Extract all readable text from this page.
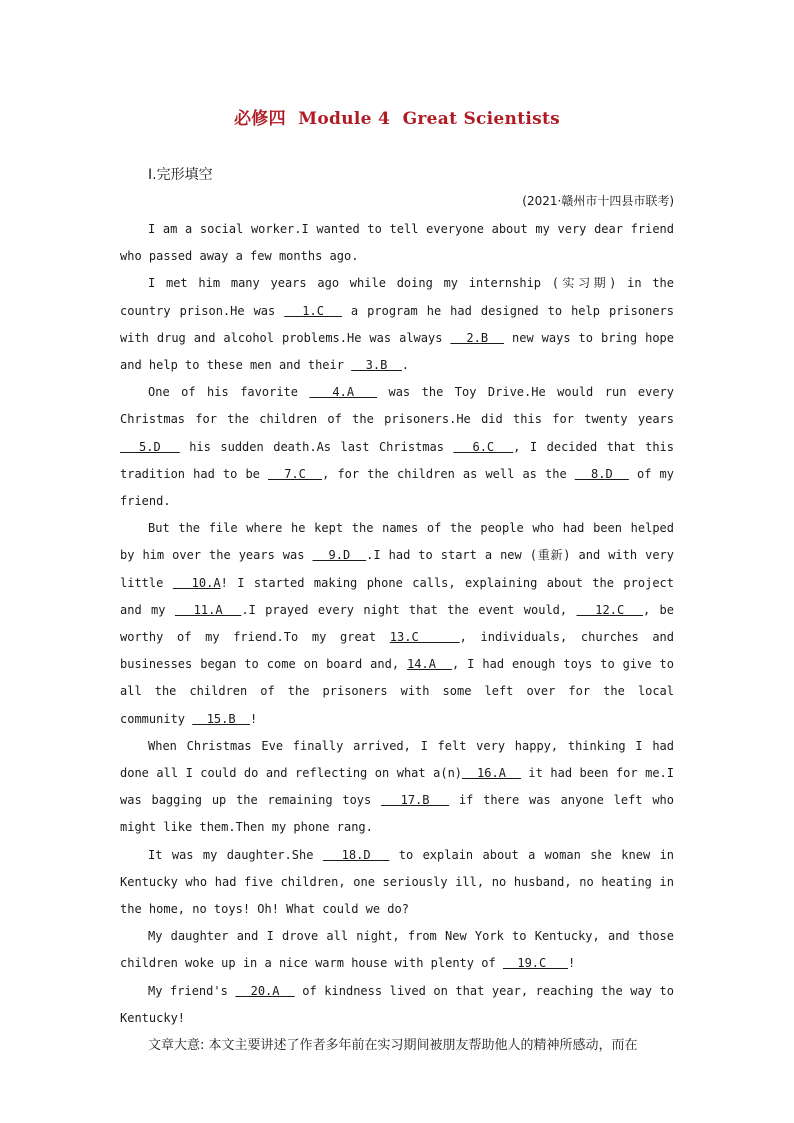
必修四  Module 4  Great Scientists
Ⅰ.完形填空
(2021·赣州市十四县市联考)

I am a social worker.I wanted to tell everyone about my very dear friend who passed away a few months ago.

I met him many years ago while doing my internship (实习期) in the country prison.He was   1.C   a program he had designed to help prisoners with drug and alcohol problems.He was always   2.B   new ways to bring hope and help to these men and their   3.B  .

One of his favorite   4.A   was the Toy Drive.He would run every Christmas for the children of the prisoners.He did this for twenty years   5.D   his sudden death.As last Christmas   6.C  , I decided that this tradition had to be   7.C  , for the children as well as the   8.D   of my friend.

But the file where he kept the names of the people who had been helped by him over the years was   9.D  .I had to start a new (重新) and with very little   10.A! I started making phone calls, explaining about the project and my   11.A  .I prayed every night that the event would,   12.C  , be worthy of my friend.To my great 13.C   , individuals, churches and businesses began to come on board and, 14.A  , I had enough toys to give to all the children of the prisoners with some left over for the local community   15.B  !

When Christmas Eve finally arrived, I felt very happy, thinking I had done all I could do and reflecting on what a(n)  16.A   it had been for me.I was bagging up the remaining toys   17.B   if there was anyone left who might like them.Then my phone rang.

It was my daughter.She   18.D   to explain about a woman she knew in Kentucky who had five children, one seriously ill, no husband, no heating in the home, no toys! Oh! What could we do?

My daughter and I drove all night, from New York to Kentucky, and those children woke up in a nice warm house with plenty of   19.C   !

My friend's   20.A   of kindness lived on that year, reaching the way to Kentucky!

文章大意: 本文主要讲述了作者多年前在实习期间被朋友帮助他人的精神所感动，而在
